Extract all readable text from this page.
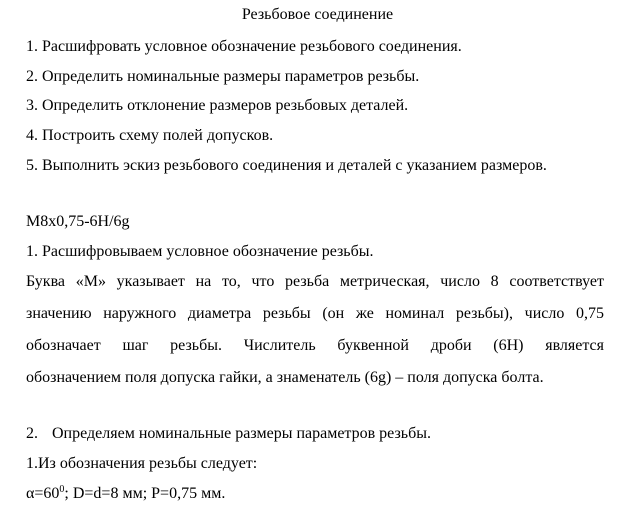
Резьбовое соединение
1. Расшифровать условное обозначение резьбового соединения.
2. Определить номинальные размеры параметров резьбы.
3. Определить отклонение размеров резьбовых деталей.
4. Построить схему полей допусков.
5. Выполнить эскиз резьбового соединения и деталей с указанием размеров.
М8x0,75-6H/6g
1. Расшифровываем условное обозначение резьбы.
Буква «М» указывает на то, что резьба метрическая, число 8 соответствует
значению наружного диаметра резьбы (он же номинал резьбы), число 0,75
обозначает шаг резьбы. Числитель буквенной дроби (6H) является
обозначением поля допуска гайки, а знаменатель (6g) – поля допуска болта.
2. Определяем номинальные размеры параметров резьбы.
1.Из обозначения резьбы следует:
$\alpha=60^0$; D=d=8 мм; P=0,75 мм.
